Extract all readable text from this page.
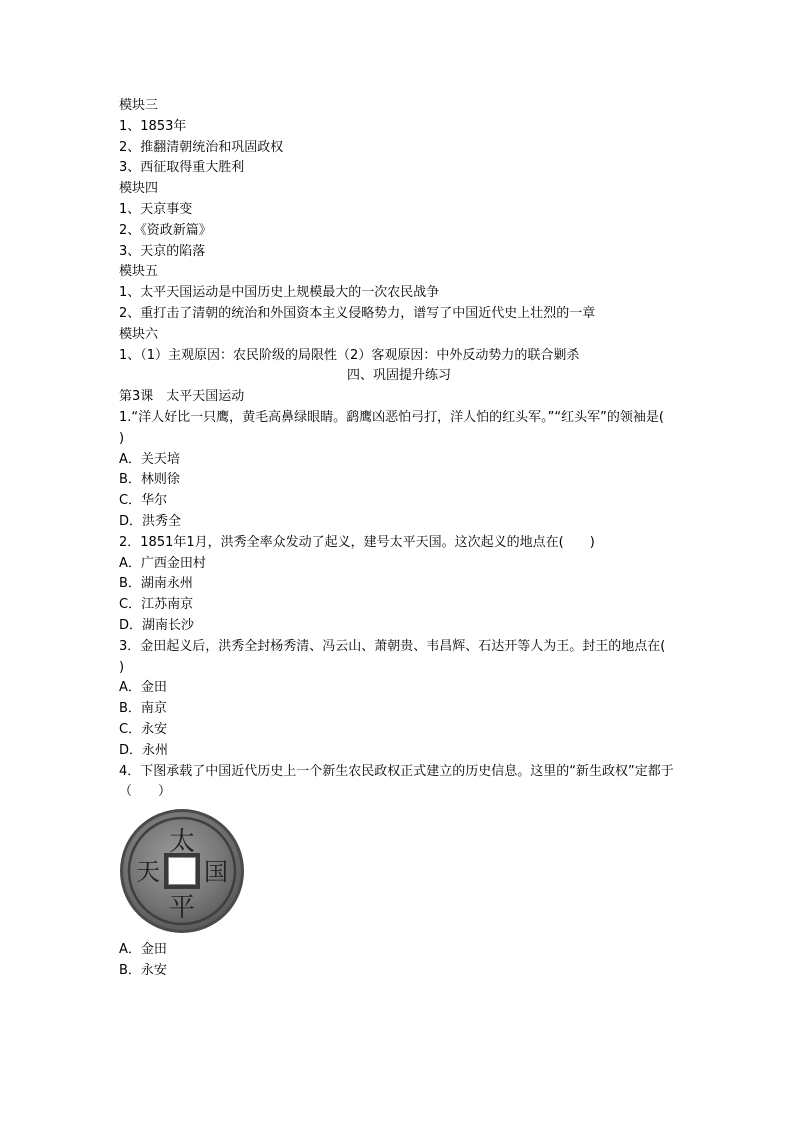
模块三
1、1853年
2、推翻清朝统治和巩固政权
3、西征取得重大胜利
模块四
1、天京事变
2、《资政新篇》
3、天京的陷落
模块五
1、太平天国运动是中国历史上规模最大的一次农民战争
2、重打击了清朝的统治和外国资本主义侵略势力，谱写了中国近代史上壮烈的一章
模块六
1、（1）主观原因：农民阶级的局限性（2）客观原因：中外反动势力的联合剿杀
四、巩固提升练习
第3课　太平天国运动
1.“洋人好比一只鹰，黄毛高鼻绿眼睛。鹞鹰凶恶怕弓打，洋人怕的红头军。”“红头军”的领袖是(　　)
A．关天培
B．林则徐
C．华尔
D．洪秀全
2．1851年1月，洪秀全率众发动了起义，建号太平天国。这次起义的地点在(　　)
A．广西金田村
B．湖南永州
C．江苏南京
D．湖南长沙
3．金田起义后，洪秀全封杨秀清、冯云山、萧朝贵、韦昌辉、石达开等人为王。封王的地点在(　　)
A．金田
B．南京
C．永安
D．永州
4．下图承载了中国近代历史上一个新生农民政权正式建立的历史信息。这里的“新生政权”定都于 （　　）
太
平
天 国
A．金田
B．永安
